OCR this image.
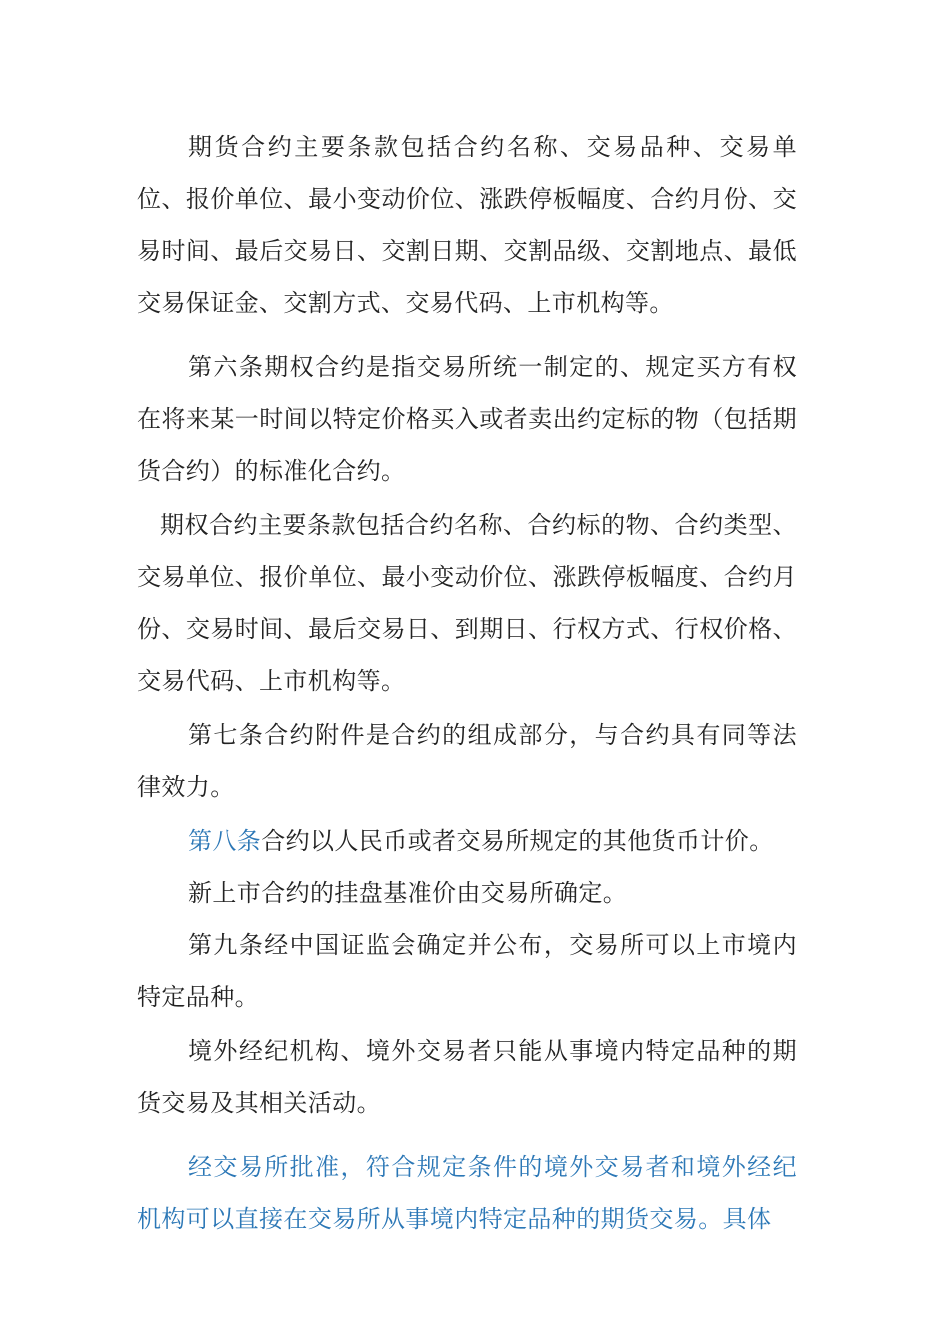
期货合约主要条款包括合约名称、交易品种、交易单位、报价单位、最小变动价位、涨跌停板幅度、合约月份、交易时间、最后交易日、交割日期、交割品级、交割地点、最低交易保证金、交割方式、交易代码、上市机构等。

第六条期权合约是指交易所统一制定的、规定买方有权在将来某一时间以特定价格买入或者卖出约定标的物（包括期货合约）的标准化合约。

期权合约主要条款包括合约名称、合约标的物、合约类型、交易单位、报价单位、最小变动价位、涨跌停板幅度、合约月份、交易时间、最后交易日、到期日、行权方式、行权价格、交易代码、上市机构等。

第七条合约附件是合约的组成部分，与合约具有同等法律效力。

第八条合约以人民币或者交易所规定的其他货币计价。

新上市合约的挂盘基准价由交易所确定。

第九条经中国证监会确定并公布，交易所可以上市境内特定品种。

境外经纪机构、境外交易者只能从事境内特定品种的期货交易及其相关活动。

经交易所批准，符合规定条件的境外交易者和境外经纪机构可以直接在交易所从事境内特定品种的期货交易。具体
